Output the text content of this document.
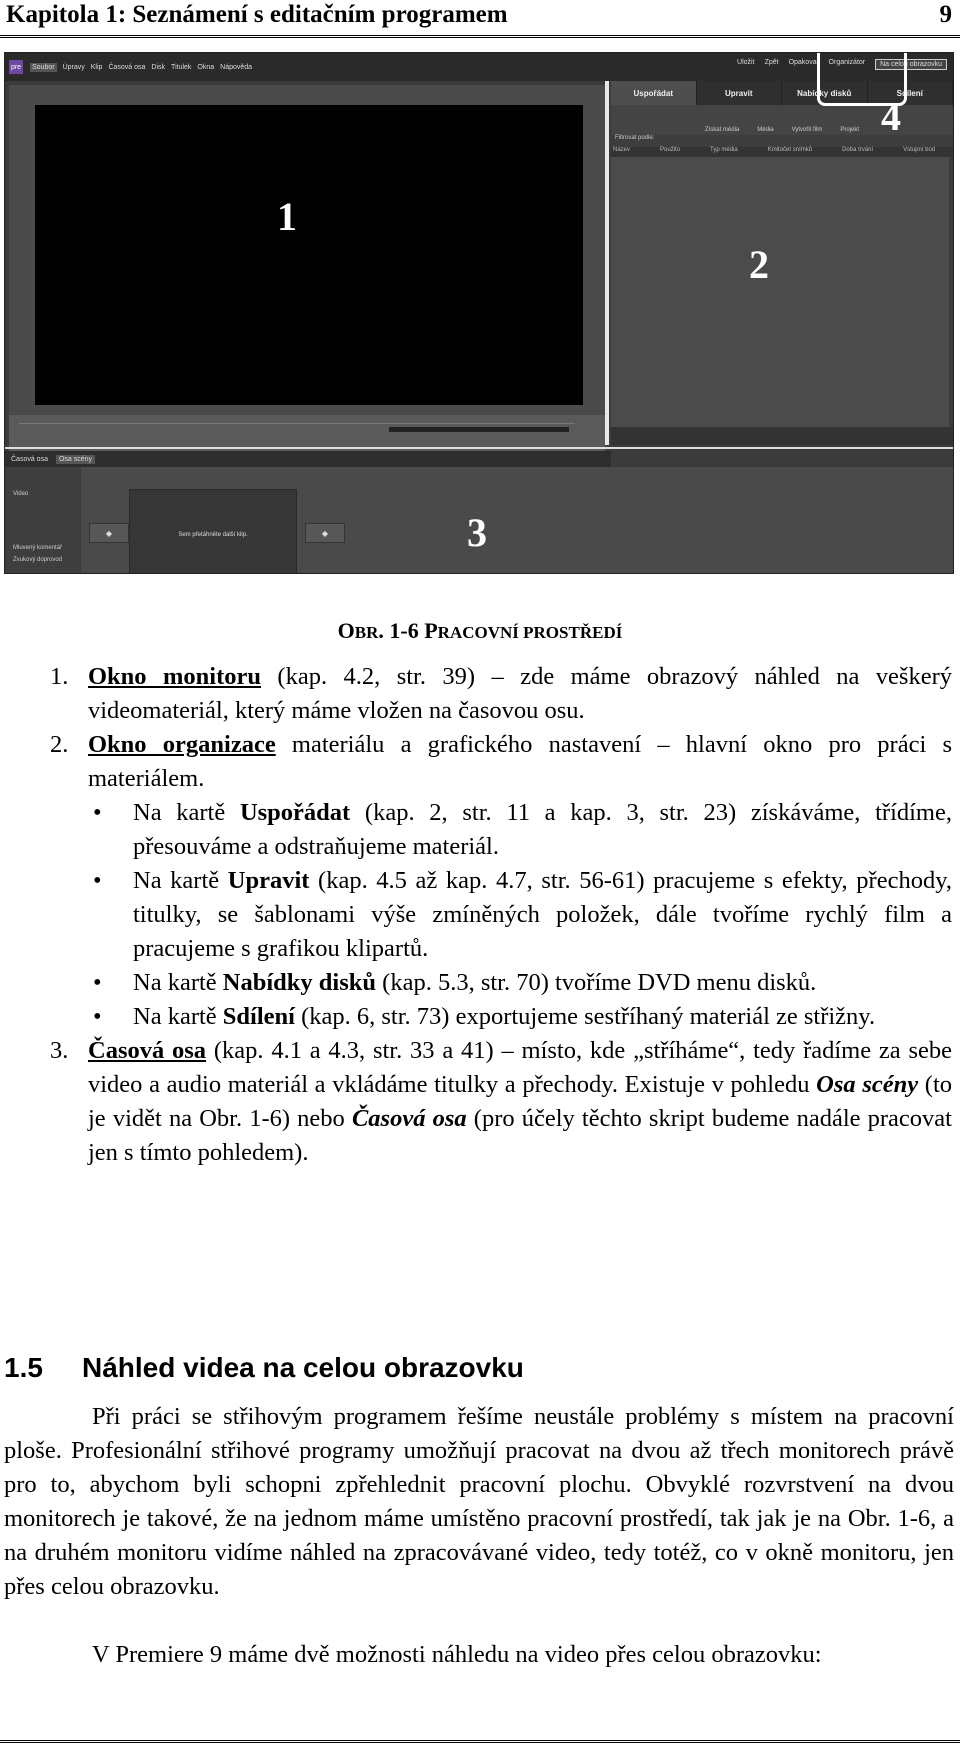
Kapitola 1: Seznámení s editačním programem	9
pre Soubor Úpravy Klip Časová osa Disk Titulek Okna Nápověda
Uložit Zpět Opakovat Organizátor	Na celou obrazovku
1
Uspořádat	Upravit	Nabídky disků	Sdílení
Získat média	Média	Vytvořit film	Projekt
Filtrovat podle:
Název	Použito	Typ média	Kmitočet snímků	Doba trvání	Vstupní bod
2
4
Časová osa	Osa scény
Video
Mluvený komentář
Zvukový doprovod
◆	Sem přetáhněte další klip.	◆	3
OBR. 1-6 PRACOVNÍ PROSTŘEDÍ
1. Okno monitoru (kap. 4.2, str. 39) – zde máme obrazový náhled na veškerý videomateriál, který máme vložen na časovou osu.
2. Okno organizace materiálu a grafického nastavení – hlavní okno pro práci s materiálem.
• Na kartě Uspořádat (kap. 2, str. 11 a kap. 3, str. 23) získáváme, třídíme, přesouváme a odstraňujeme materiál.
• Na kartě Upravit (kap. 4.5 až kap. 4.7, str. 56-61) pracujeme s efekty, přechody, titulky, se šablonami výše zmíněných položek, dále tvoříme rychlý film a pracujeme s grafikou klipartů.
• Na kartě Nabídky disků (kap. 5.3, str. 70) tvoříme DVD menu disků.
• Na kartě Sdílení (kap. 6, str. 73) exportujeme sestříhaný materiál ze střižny.
3. Časová osa (kap. 4.1 a 4.3, str. 33 a 41) – místo, kde „stříháme“, tedy řadíme za sebe video a audio materiál a vkládáme titulky a přechody. Existuje v pohledu Osa scény (to je vidět na Obr. 1-6) nebo Časová osa (pro účely těchto skript budeme nadále pracovat jen s tímto pohledem).
1.5 Náhled videa na celou obrazovku
Při práci se střihovým programem řešíme neustále problémy s místem na pracovní ploše. Profesionální střihové programy umožňují pracovat na dvou až třech monitorech právě pro to, abychom byli schopni zpřehlednit pracovní plochu. Obvyklé rozvrstvení na dvou monitorech je takové, že na jednom máme umístěno pracovní prostředí, tak jak je na Obr. 1-6, a na druhém monitoru vidíme náhled na zpracovávané video, tedy totéž, co v okně monitoru, jen přes celou obrazovku.
V Premiere 9 máme dvě možnosti náhledu na video přes celou obrazovku:
